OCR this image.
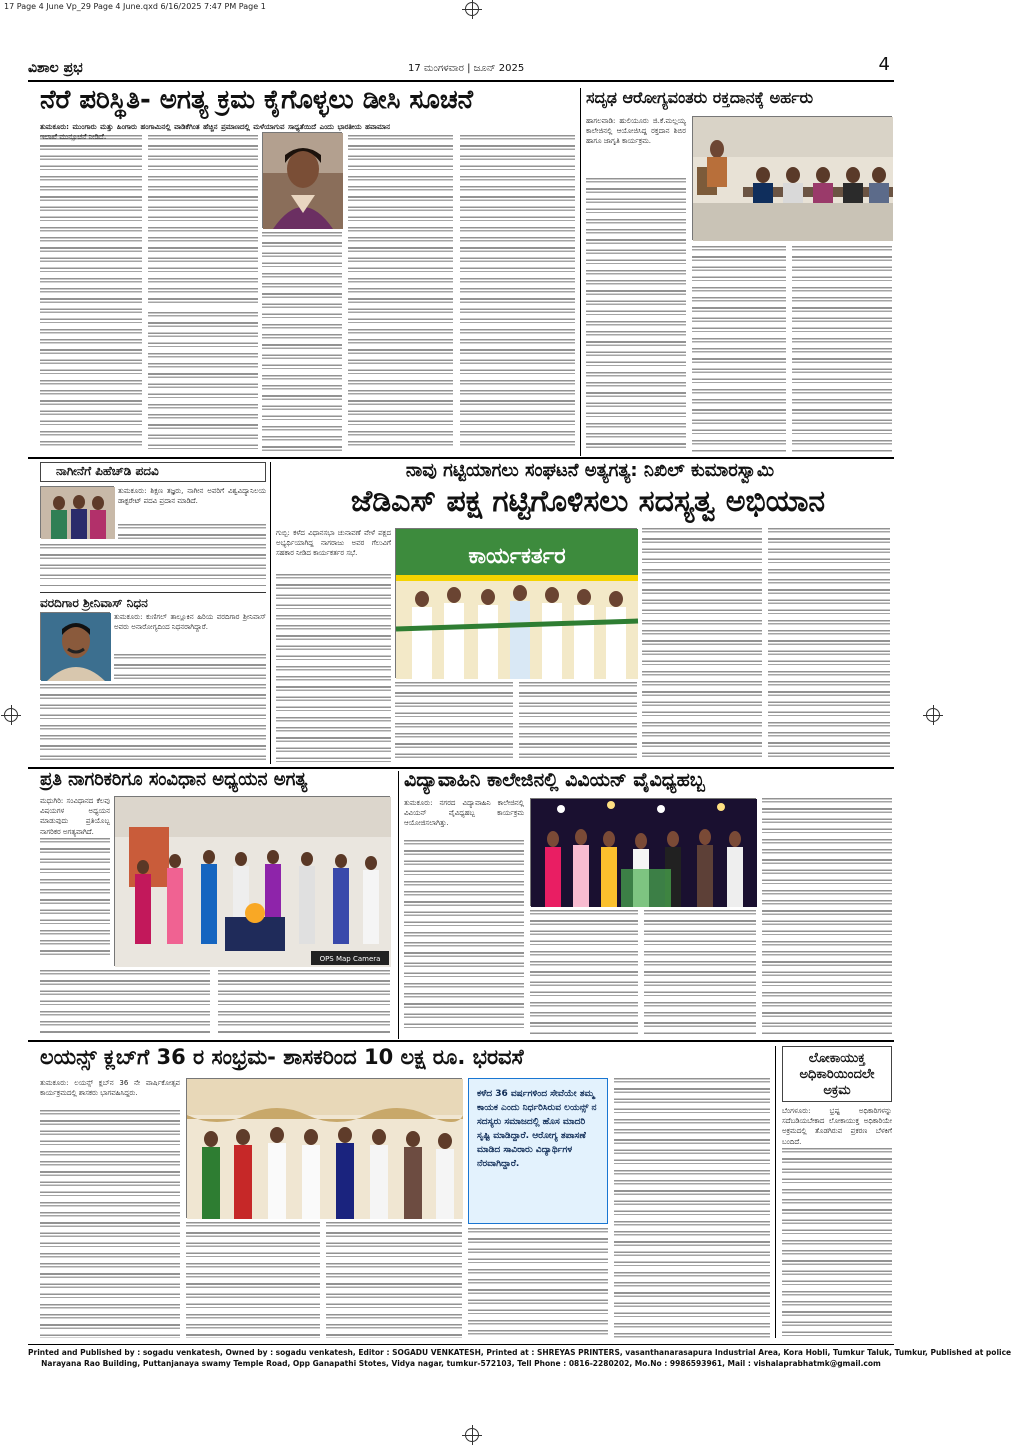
17 Page 4 June Vp_29 Page 4 June.qxd 6/16/2025 7:47 PM Page 1
ವಿಶಾಲ ಪ್ರಭ	17 ಮಂಗಳವಾರ | ಜೂನ್ 2025	4
ನೆರೆ ಪರಿಸ್ಥಿತಿ- ಅಗತ್ಯ ಕ್ರಮ ಕೈಗೊಳ್ಳಲು ಡೀಸಿ ಸೂಚನೆ
ತುಮಕೂರು: ಮುಂಗಾರು ಮತ್ತು ಹಿಂಗಾರು ಹಂಗಾಮಿನಲ್ಲಿ ವಾಡಿಕೆಗಿಂತ ಹೆಚ್ಚಿನ ಪ್ರಮಾಣದಲ್ಲಿ ಮಳೆಯಾಗುವ ಸಾಧ್ಯತೆಯಿದೆ ಎಂದು ಭಾರತೀಯ ಹವಾಮಾನ
ಸದೃಢ ಆರೋಗ್ಯವಂತರು ರಕ್ತದಾನಕ್ಕೆ ಅರ್ಹರು
ಹಾಗಲವಾಡಿ: ಹುಲಿಯೂರು ಜಿ.ಕೆ.ಮಲ್ಲಯ್ಯ ಕಾಲೇಜಿನಲ್ಲಿ ಆಯೋಜಿಸಿದ್ದ ರಕ್ತದಾನ ಶಿಬಿರ ಹಾಗೂ ಜಾಗೃತಿ ಕಾರ್ಯಕ್ರಮ.
ನಾಗೀನೆಗೆ ಪಿಹೆಚ್‌ಡಿ ಪದವಿ
ತುಮಕೂರು: ಶಿಕ್ಷಣ ತಜ್ಞರು, ನಾಗೀನ ಅವರಿಗೆ ವಿಶ್ವವಿದ್ಯಾನಿಲಯ ಡಾಕ್ಟರೇಟ್ ಪದವಿ ಪ್ರದಾನ ಮಾಡಿದೆ.
ವರದಿಗಾರ ಶ್ರೀನಿವಾಸ್ ನಿಧನ
ತುಮಕೂರು: ಕುಣಿಗಲ್ ತಾಲ್ಲೂಕಿನ ಹಿರಿಯ ವರದಿಗಾರ ಶ್ರೀನಿವಾಸ್ ಅವರು ಅನಾರೋಗ್ಯದಿಂದ ನಿಧನರಾಗಿದ್ದಾರೆ.
ನಾವು ಗಟ್ಟಿಯಾಗಲು ಸಂಘಟನೆ ಅತ್ಯಗತ್ಯ: ನಿಖಿಲ್ ಕುಮಾರಸ್ವಾಮಿ
ಜೆಡಿಎಸ್ ಪಕ್ಷ ಗಟ್ಟಿಗೊಳಿಸಲು ಸದಸ್ಯತ್ವ ಅಭಿಯಾನ
ಗುಬ್ಬಿ: ಕಳೆದ ವಿಧಾನಸಭಾ ಚುನಾವಣೆ ವೇಳೆ ಪಕ್ಷದ ಅಭ್ಯರ್ಥಿಯಾಗಿದ್ದ ನಾಗರಾಜು ಅವರ ಗೆಲುವಿಗೆ ಸಹಕಾರ ನೀಡಿದ ಕಾರ್ಯಕರ್ತರ ಸಭೆ.	ಕಾರ್ಯಕರ್ತರ
ಪ್ರತಿ ನಾಗರಿಕರಿಗೂ ಸಂವಿಧಾನ ಅಧ್ಯಯನ ಅಗತ್ಯ
ಮಧುಗಿರಿ: ಸಂವಿಧಾನದ ಕೆಲವು ವಿಷಯಗಳ ಅಧ್ಯಯನ ಮಾಡುವುದು ಪ್ರತಿಯೊಬ್ಬ ನಾಗರಿಕರ ಅಗತ್ಯವಾಗಿದೆ.
OPS Map Camera
ವಿದ್ಯಾವಾಹಿನಿ ಕಾಲೇಜಿನಲ್ಲಿ ವಿವಿಯನ್ ವೈವಿಧ್ಯಹಬ್ಬ
ತುಮಕೂರು: ನಗರದ ವಿದ್ಯಾವಾಹಿನಿ ಕಾಲೇಜಿನಲ್ಲಿ ವಿವಿಯನ್ ವೈವಿಧ್ಯಹಬ್ಬ ಕಾರ್ಯಕ್ರಮ ಆಯೋಜಿಸಲಾಗಿತ್ತು.
ಲಯನ್ಸ್ ಕ್ಲಬ್‌ಗೆ 36 ರ ಸಂಭ್ರಮ- ಶಾಸಕರಿಂದ 10 ಲಕ್ಷ ರೂ. ಭರವಸೆ
ತುಮಕೂರು: ಲಯನ್ಸ್ ಕ್ಲಬ್‌ನ 36 ನೇ ವಾರ್ಷಿಕೋತ್ಸವ ಕಾರ್ಯಕ್ರಮದಲ್ಲಿ ಶಾಸಕರು ಭಾಗವಹಿಸಿದ್ದರು.	ಕಳೆದ 36 ವರ್ಷಗಳಿಂದ ಸೇವೆಯೇ ತಮ್ಮ ಕಾಯಕ ಎಂದು ನಿರ್ಧರಿಸಿರುವ ಲಯನ್ಸ್ ನ ಸದಸ್ಯರು ಸಮಾಜದಲ್ಲಿ ಹೊಸ ಮಾದರಿ ಸೃಷ್ಟಿ ಮಾಡಿದ್ದಾರೆ. ಆರೋಗ್ಯ ತಪಾಸಣೆ ಮಾಡಿದ ಸಾವಿರಾರು ವಿದ್ಯಾರ್ಥಿಗಳ ನೆರವಾಗಿದ್ದಾರೆ.
ಲೋಕಾಯುಕ್ತ ಅಧಿಕಾರಿಯಿಂದಲೇ ಅಕ್ರಮ
ಬೆಂಗಳೂರು: ಭ್ರಷ್ಟ ಅಧಿಕಾರಿಗಳನ್ನು ಸದೆಬಡಿಯಬೇಕಾದ ಲೋಕಾಯುಕ್ತ ಅಧಿಕಾರಿಯೇ ಅಕ್ರಮದಲ್ಲಿ ತೊಡಗಿರುವ ಪ್ರಕರಣ ಬೆಳಕಿಗೆ ಬಂದಿದೆ.
Printed and Published by : sogadu venkatesh, Owned by : sogadu venkatesh, Editor : SOGADU VENKATESH, Printed at : SHREYAS PRINTERS, vasanthanarasapura Industrial Area, Kora Hobli, Tumkur Taluk, Tumkur, Published at police
Narayana Rao Building, Puttanjanaya swamy Temple Road, Opp Ganapathi Stotes, Vidya nagar, tumkur-572103, Tell Phone : 0816-2280202, Mo.No : 9986593961, Mail : vishalaprabhatmk@gmail.com
